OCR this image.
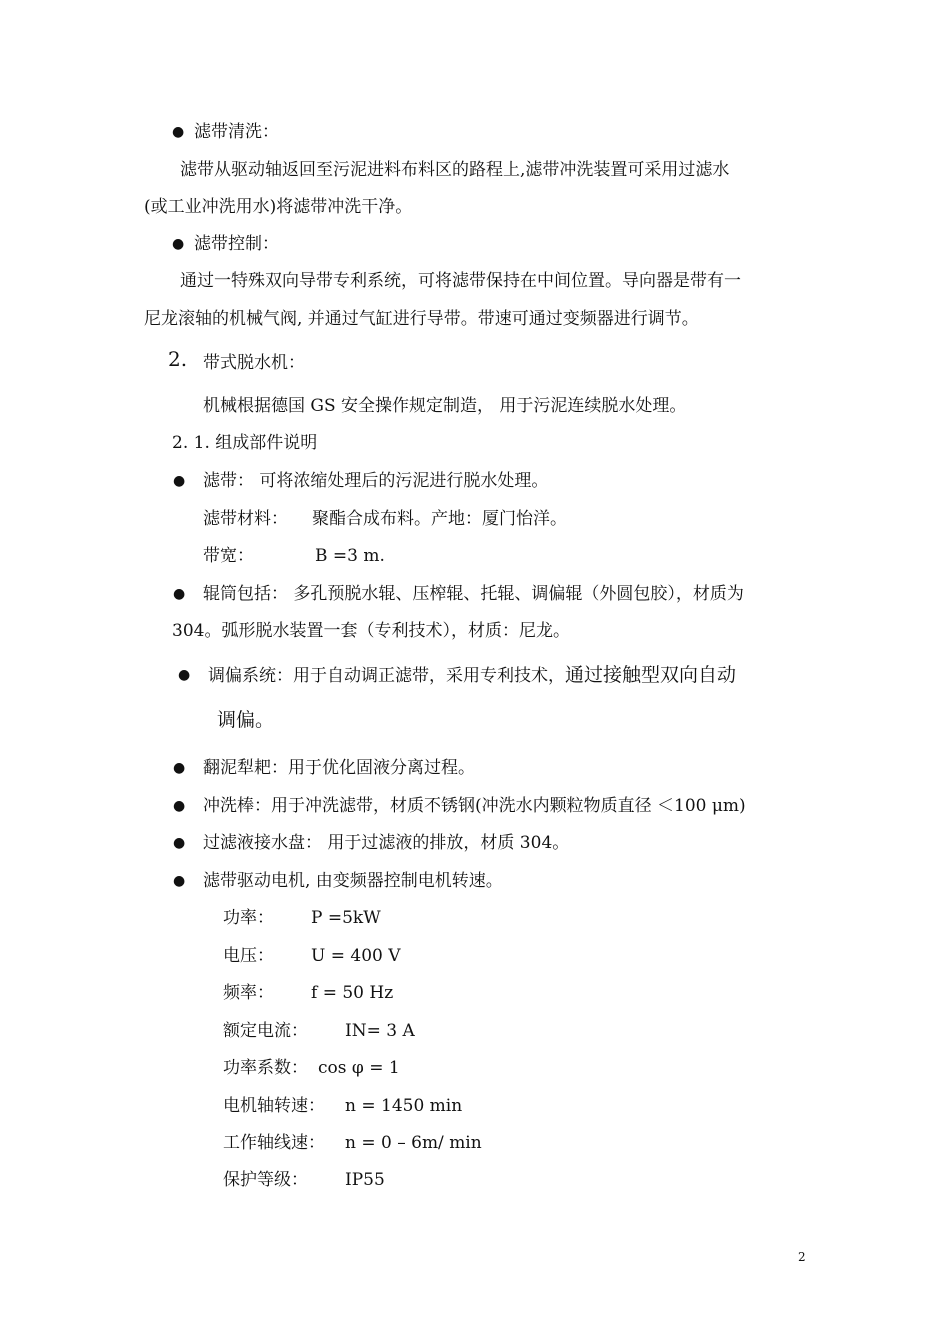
● 滤带清洗：
滤带从驱动轴返回至污泥进料布料区的路程上,滤带冲洗装置可采用过滤水
(或工业冲洗用水)将滤带冲洗干净。
● 滤带控制：
通过一特殊双向导带专利系统，可将滤带保持在中间位置。导向器是带有一
尼龙滚轴的机械气阀, 并通过气缸进行导带。带速可通过变频器进行调节。
2. 带式脱水机：
机械根据德国 GS 安全操作规定制造， 用于污泥连续脱水处理。
2. 1. 组成部件说明
● 滤带： 可将浓缩处理后的污泥进行脱水处理。
滤带材料： 聚酯合成布料。产地：厦门怡洋。
带宽：	B =3 m.
● 辊筒包括： 多孔预脱水辊、压榨辊、托辊、调偏辊（外圆包胶），材质为
304。弧形脱水装置一套（专利技术），材质：尼龙。
● 调偏系统：用于自动调正滤带，采用专利技术，通过接触型双向自动
调偏。
● 翻泥犁耙：用于优化固液分离过程。
● 冲洗棒：用于冲洗滤带，材质不锈钢(冲洗水内颗粒物质直径 ＜100 μm)
● 过滤液接水盘： 用于过滤液的排放，材质 304。
● 滤带驱动电机, 由变频器控制电机转速。
功率： P =5kW
电压： U = 400 V
频率： f = 50 Hz
额定电流： IN= 3 A
功率系数： cos φ = 1
电机轴转速： n = 1450 min
工作轴线速： n = 0 – 6m/ min
保护等级： IP55
2
